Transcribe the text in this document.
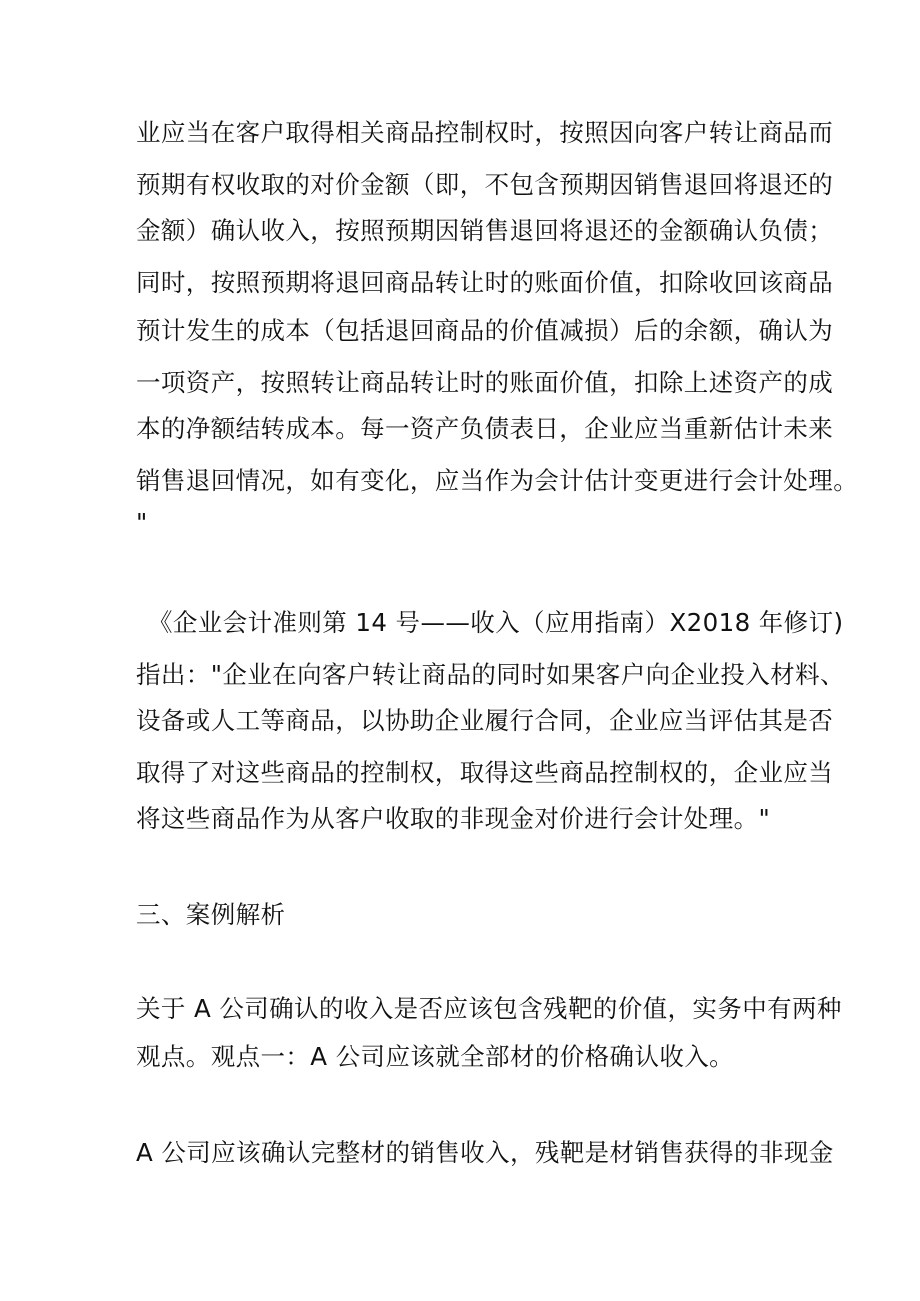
业应当在客户取得相关商品控制权时，按照因向客户转让商品而
预期有权收取的对价金额（即，不包含预期因销售退回将退还的
金额）确认收入，按照预期因销售退回将退还的金额确认负债；
同时，按照预期将退回商品转让时的账面价值，扣除收回该商品
预计发生的成本（包括退回商品的价值减损）后的余额，确认为
一项资产，按照转让商品转让时的账面价值，扣除上述资产的成
本的净额结转成本。每一资产负债表日，企业应当重新估计未来
销售退回情况，如有变化，应当作为会计估计变更进行会计处理。
"
《企业会计准则第 14 号——收入（应用指南）X2018 年修订)
指出："企业在向客户转让商品的同时如果客户向企业投入材料、
设备或人工等商品，以协助企业履行合同，企业应当评估其是否
取得了对这些商品的控制权，取得这些商品控制权的，企业应当
将这些商品作为从客户收取的非现金对价进行会计处理。"
三、案例解析
关于 A 公司确认的收入是否应该包含残靶的价值，实务中有两种
观点。观点一：A 公司应该就全部材的价格确认收入。
A 公司应该确认完整材的销售收入，残靶是材销售获得的非现金
